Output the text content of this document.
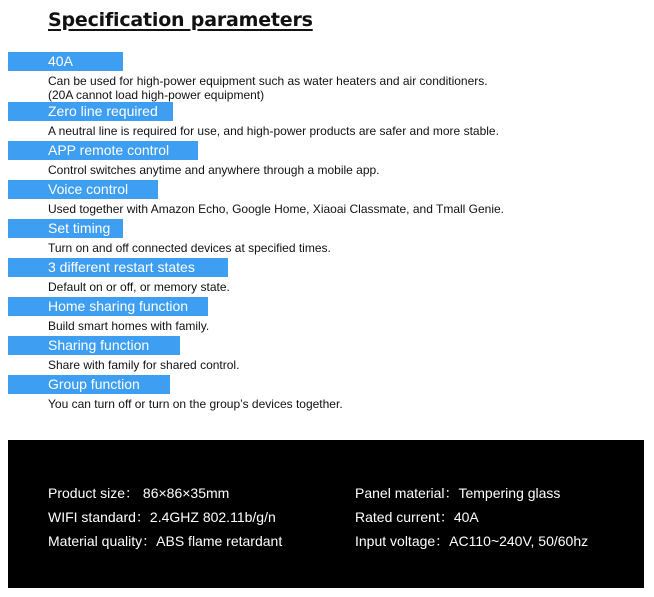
Specification parameters
40A
Can be used for high-power equipment such as water heaters and air conditioners.
(20A cannot load high-power equipment)
Zero line required
A neutral line is required for use, and high-power products are safer and more stable.
APP remote control
Control switches anytime and anywhere through a mobile app.
Voice control
Used together with Amazon Echo, Google Home, Xiaoai Classmate, and Tmall Genie.
Set timing
Turn on and off connected devices at specified times.
3 different restart states
Default on or off, or memory state.
Home sharing function
Build smart homes with family.
Sharing function
Share with family for shared control.
Group function
You can turn off or turn on the group’s devices together.
Product size： 86×86×35mm
WIFI standard：2.4GHZ 802.11b/g/n
Material quality：ABS flame retardant
Panel material：Tempering glass
Rated current：40A
Input voltage：AC110~240V, 50/60hz
